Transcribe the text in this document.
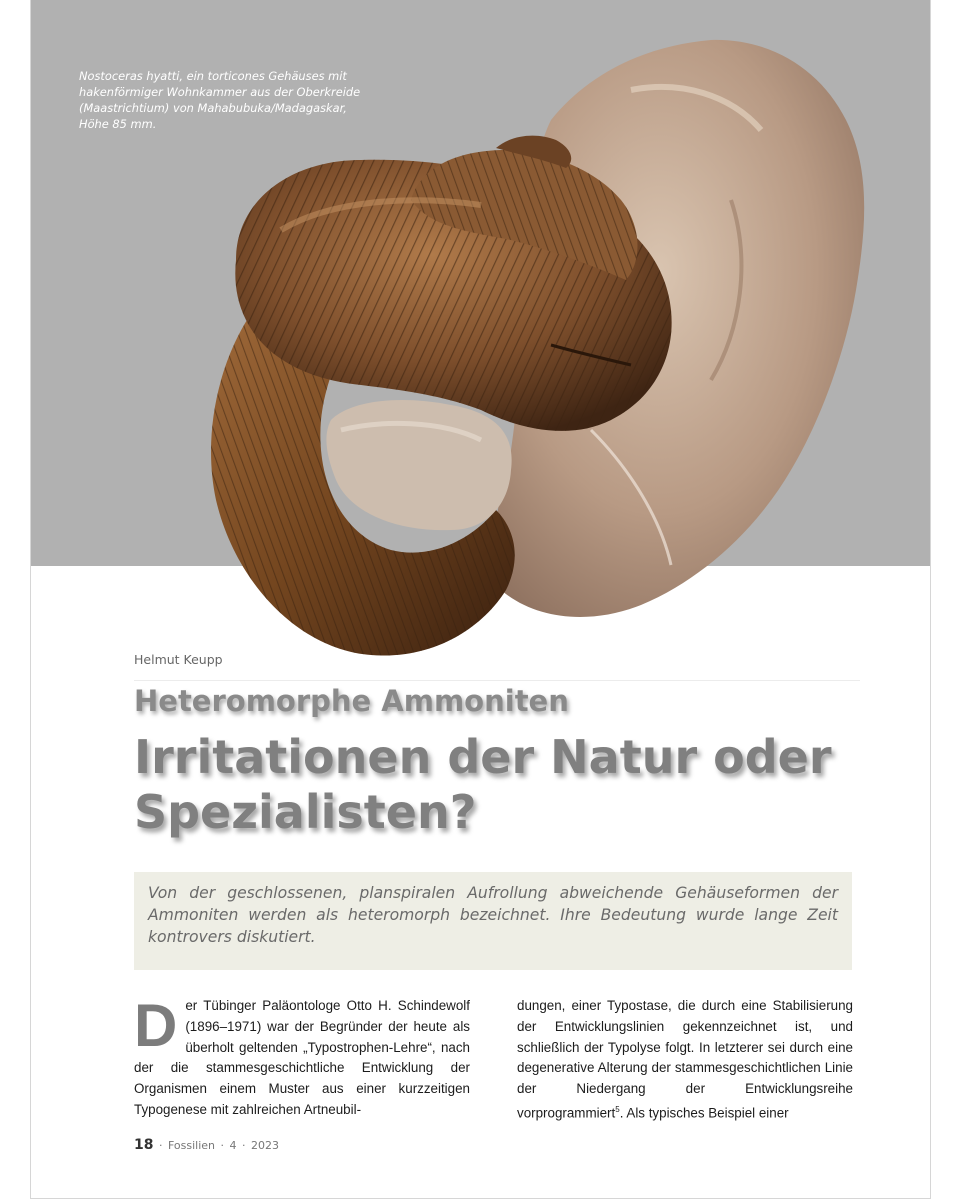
Nostoceras hyatti, ein torticones Gehäuses mit hakenförmiger Wohnkammer aus der Oberkreide (Maastrichtium) von Mahabubuka/Madagaskar, Höhe 85 mm.
Helmut Keupp
Heteromorphe Ammoniten
Irritationen der Natur oder Spezialisten?
Von der geschlossenen, planspiralen Aufrollung abweichende Gehäuseformen der Ammoniten werden als heteromorph bezeichnet. Ihre Bedeutung wurde lange Zeit kontrovers diskutiert.

D er Tübinger Paläontologe Otto H. Schindewolf (1896–1971) war der Begründer der heute als überholt geltenden „Typostrophen-Lehre“, nach der die stammesgeschichtliche Entwicklung der Organismen einem Muster aus einer kurzzeitigen Typogenese mit zahlreichen Artneubil-

dungen, einer Typostase, die durch eine Stabilisierung der Entwicklungslinien gekennzeichnet ist, und schließlich der Typolyse folgt. In letzterer sei durch eine degenerative Alterung der stammesgeschichtlichen Linie der Niedergang der Entwicklungsreihe vorprogrammiert$^5$. Als typisches Beispiel einer

18 · Fossilien · 4 · 2023
